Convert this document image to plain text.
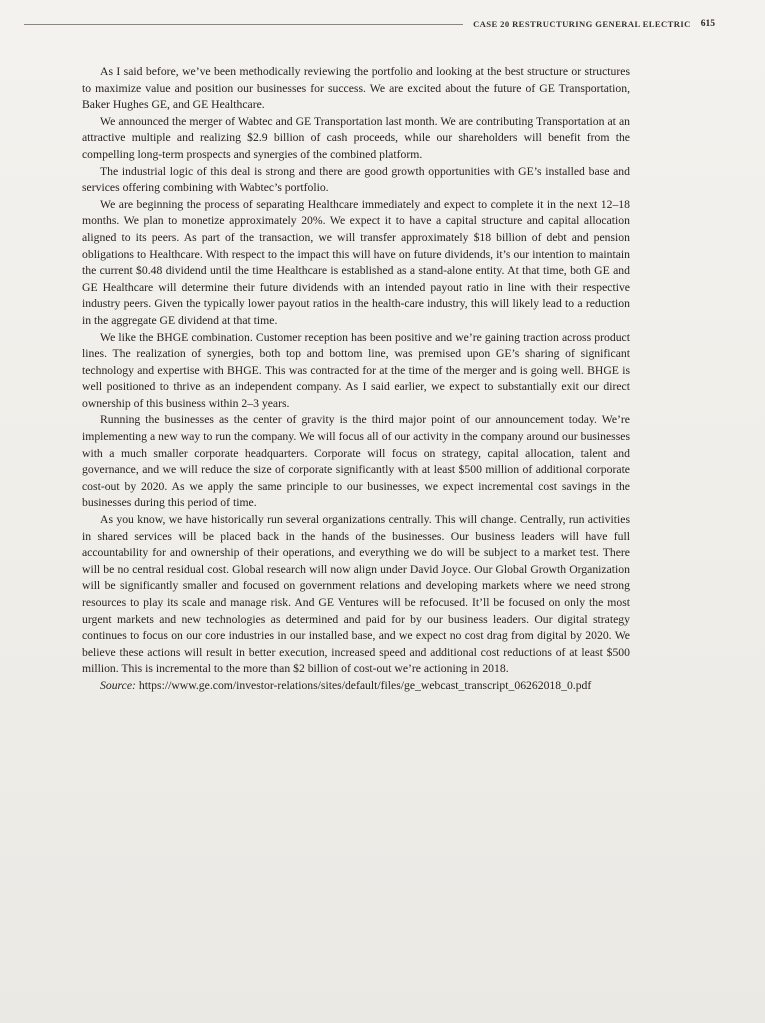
CASE 20 RESTRUCTURING GENERAL ELECTRIC 615

As I said before, we’ve been methodically reviewing the portfolio and looking at the best structure or structures to maximize value and position our businesses for success. We are excited about the future of GE Transportation, Baker Hughes GE, and GE Healthcare.

We announced the merger of Wabtec and GE Transportation last month. We are contributing Transportation at an attractive multiple and realizing $2.9 billion of cash proceeds, while our shareholders will benefit from the compelling long-term prospects and synergies of the combined platform.

The industrial logic of this deal is strong and there are good growth opportunities with GE’s installed base and services offering combining with Wabtec’s portfolio.

We are beginning the process of separating Healthcare immediately and expect to complete it in the next 12–18 months. We plan to monetize approximately 20%. We expect it to have a capital structure and capital allocation aligned to its peers. As part of the transaction, we will transfer approximately $18 billion of debt and pension obligations to Healthcare. With respect to the impact this will have on future dividends, it’s our intention to maintain the current $0.48 dividend until the time Healthcare is established as a stand-alone entity. At that time, both GE and GE Healthcare will determine their future dividends with an intended payout ratio in line with their respective industry peers. Given the typically lower payout ratios in the health-care industry, this will likely lead to a reduction in the aggregate GE dividend at that time.

We like the BHGE combination. Customer reception has been positive and we’re gaining traction across product lines. The realization of synergies, both top and bottom line, was premised upon GE’s sharing of significant technology and expertise with BHGE. This was contracted for at the time of the merger and is going well. BHGE is well positioned to thrive as an independent company. As I said earlier, we expect to substantially exit our direct ownership of this business within 2–3 years.

Running the businesses as the center of gravity is the third major point of our announcement today. We’re implementing a new way to run the company. We will focus all of our activity in the company around our businesses with a much smaller corporate headquarters. Corporate will focus on strategy, capital allocation, talent and governance, and we will reduce the size of corporate significantly with at least $500 million of additional corporate cost-out by 2020. As we apply the same principle to our businesses, we expect incremental cost savings in the businesses during this period of time.

As you know, we have historically run several organizations centrally. This will change. Centrally, run activities in shared services will be placed back in the hands of the businesses. Our business leaders will have full accountability for and ownership of their operations, and everything we do will be subject to a market test. There will be no central residual cost. Global research will now align under David Joyce. Our Global Growth Organization will be significantly smaller and focused on government relations and developing markets where we need strong resources to play its scale and manage risk. And GE Ventures will be refocused. It’ll be focused on only the most urgent markets and new technologies as determined and paid for by our business leaders. Our digital strategy continues to focus on our core industries in our installed base, and we expect no cost drag from digital by 2020. We believe these actions will result in better execution, increased speed and additional cost reductions of at least $500 million. This is incremental to the more than $2 billion of cost-out we’re actioning in 2018.

Source: https://www.ge.com/investor-relations/sites/default/files/ge_webcast_transcript_06262018_0.pdf
